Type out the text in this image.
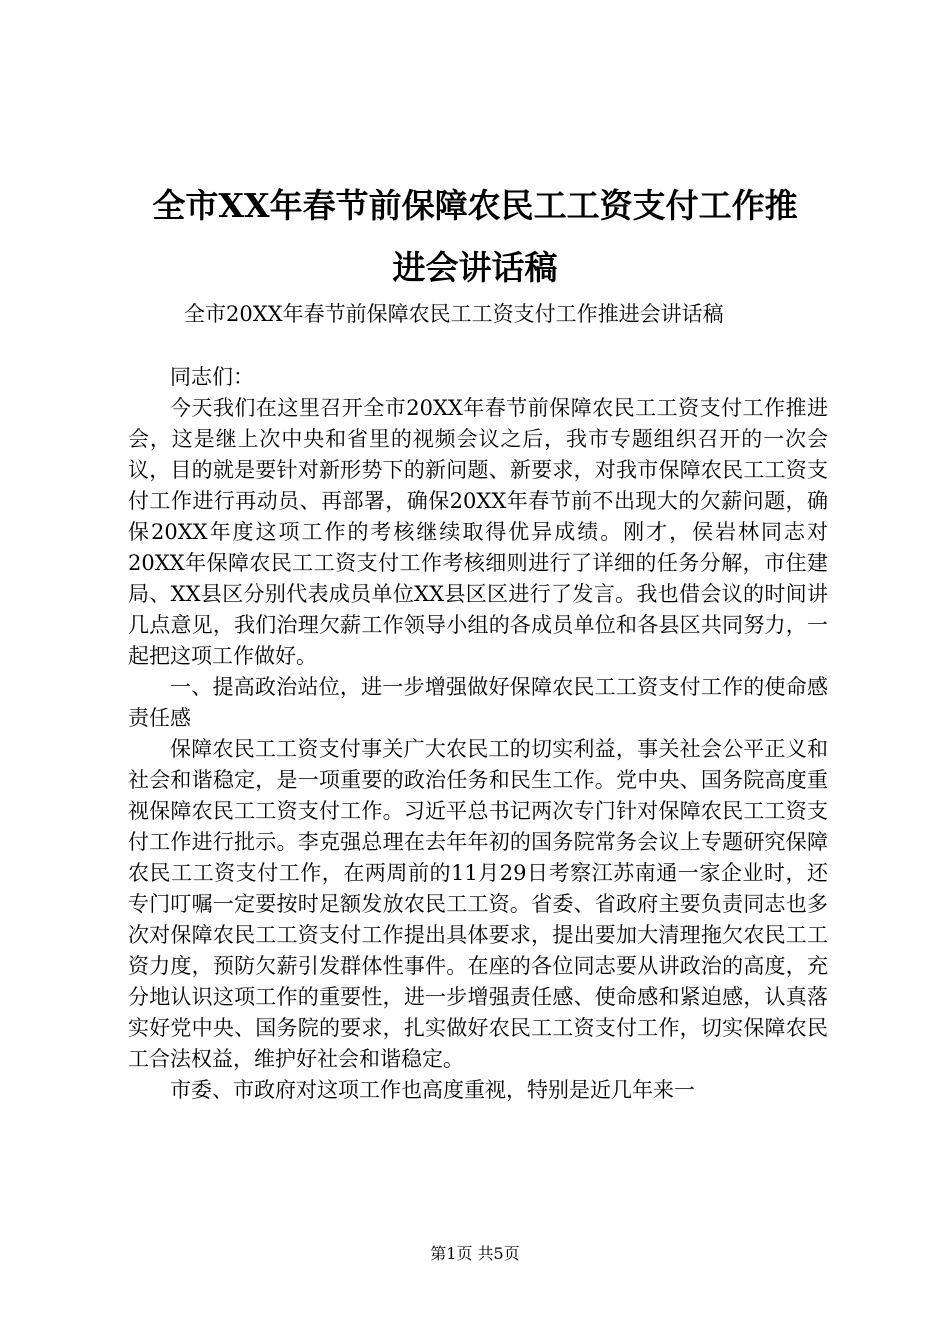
全市XX年春节前保障农民工工资支付工作推
进会讲话稿
全市20XX年春节前保障农民工工资支付工作推进会讲话稿

同志们：

今天我们在这里召开全市20XX年春节前保障农民工工资支付工作推进会，这是继上次中央和省里的视频会议之后，我市专题组织召开的一次会议，目的就是要针对新形势下的新问题、新要求，对我市保障农民工工资支付工作进行再动员、再部署，确保20XX年春节前不出现大的欠薪问题，确保20XX年度这项工作的考核继续取得优异成绩。刚才，侯岩林同志对20XX年保障农民工工资支付工作考核细则进行了详细的任务分解，市住建局、XX县区分别代表成员单位XX县区区进行了发言。我也借会议的时间讲几点意见，我们治理欠薪工作领导小组的各成员单位和各县区共同努力，一起把这项工作做好。

一、提高政治站位，进一步增强做好保障农民工工资支付工作的使命感责任感

保障农民工工资支付事关广大农民工的切实利益，事关社会公平正义和社会和谐稳定，是一项重要的政治任务和民生工作。党中央、国务院高度重视保障农民工工资支付工作。习近平总书记两次专门针对保障农民工工资支付工作进行批示。李克强总理在去年年初的国务院常务会议上专题研究保障农民工工资支付工作，在两周前的11月29日考察江苏南通一家企业时，还专门叮嘱一定要按时足额发放农民工工资。省委、省政府主要负责同志也多次对保障农民工工资支付工作提出具体要求，提出要加大清理拖欠农民工工资力度，预防欠薪引发群体性事件。在座的各位同志要从讲政治的高度，充分地认识这项工作的重要性，进一步增强责任感、使命感和紧迫感，认真落实好党中央、国务院的要求，扎实做好农民工工资支付工作，切实保障农民工合法权益，维护好社会和谐稳定。

市委、市政府对这项工作也高度重视，特别是近几年来一

第1页 共5页
